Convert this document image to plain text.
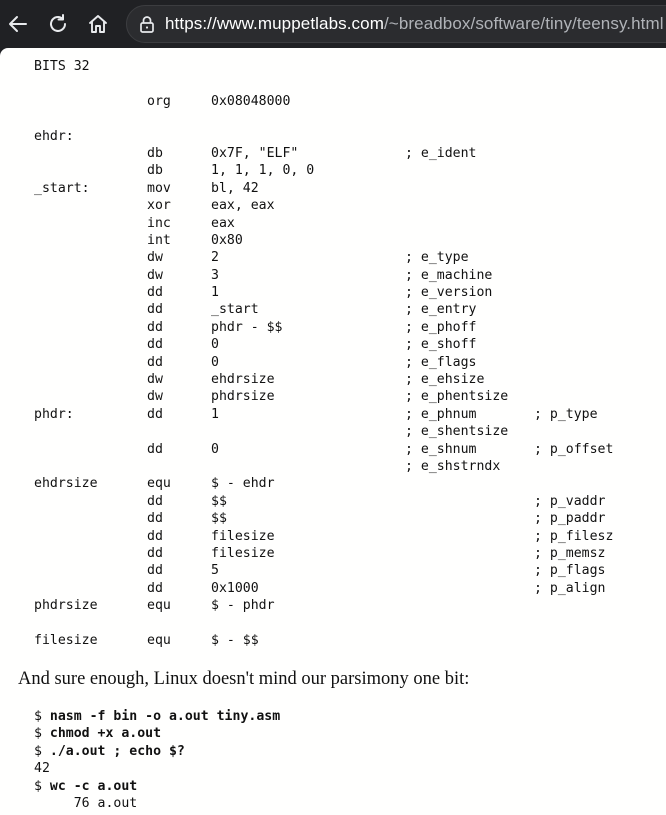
https://www.muppetlabs.com/~breadbox/software/tiny/teensy.html
BITS 32
org	0x08048000
ehdr:
db	0x7F, "ELF"	; e_ident
db	1, 1, 1, 0, 0
_start:	mov	bl, 42
xor	eax, eax
inc	eax
int	0x80
dw	2	; e_type
dw	3	; e_machine
dd	1	; e_version
dd	_start	; e_entry
dd	phdr - $$	; e_phoff
dd	0	; e_shoff
dd	0	; e_flags
dw	ehdrsize	; e_ehsize
dw	phdrsize	; e_phentsize
phdr:	dd	1	; e_phnum	; p_type
; e_shentsize
dd	0	; e_shnum	; p_offset
; e_shstrndx
ehdrsize	equ	$ - ehdr
dd	$$	; p_vaddr
dd	$$	; p_paddr
dd	filesize	; p_filesz
dd	filesize	; p_memsz
dd	5	; p_flags
dd	0x1000	; p_align
phdrsize	equ	$ - phdr
filesize	equ	$ - $$
And sure enough, Linux doesn't mind our parsimony one bit:
$ nasm -f bin -o a.out tiny.asm
$ chmod +x a.out
$ ./a.out ; echo $?
42
$ wc -c a.out
76 a.out
